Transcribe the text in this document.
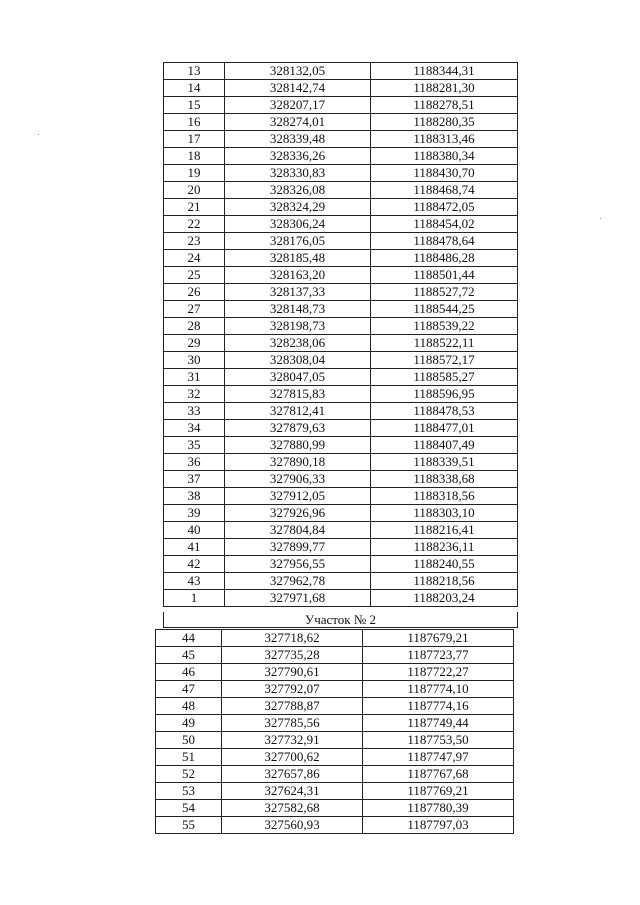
13	328132,05	1188344,31
14	328142,74	1188281,30
15	328207,17	1188278,51
16	328274,01	1188280,35
17	328339,48	1188313,46
18	328336,26	1188380,34
19	328330,83	1188430,70
20	328326,08	1188468,74
21	328324,29	1188472,05
22	328306,24	1188454,02
23	328176,05	1188478,64
24	328185,48	1188486,28
25	328163,20	1188501,44
26	328137,33	1188527,72
27	328148,73	1188544,25
28	328198,73	1188539,22
29	328238,06	1188522,11
30	328308,04	1188572,17
31	328047,05	1188585,27
32	327815,83	1188596,95
33	327812,41	1188478,53
34	327879,63	1188477,01
35	327880,99	1188407,49
36	327890,18	1188339,51
37	327906,33	1188338,68
38	327912,05	1188318,56
39	327926,96	1188303,10
40	327804,84	1188216,41
41	327899,77	1188236,11
42	327956,55	1188240,55
43	327962,78	1188218,56
1	327971,68	1188203,24
Участок № 2
44	327718,62	1187679,21
45	327735,28	1187723,77
46	327790,61	1187722,27
47	327792,07	1187774,10
48	327788,87	1187774,16
49	327785,56	1187749,44
50	327732,91	1187753,50
51	327700,62	1187747,97
52	327657,86	1187767,68
53	327624,31	1187769,21
54	327582,68	1187780,39
55	327560,93	1187797,03
